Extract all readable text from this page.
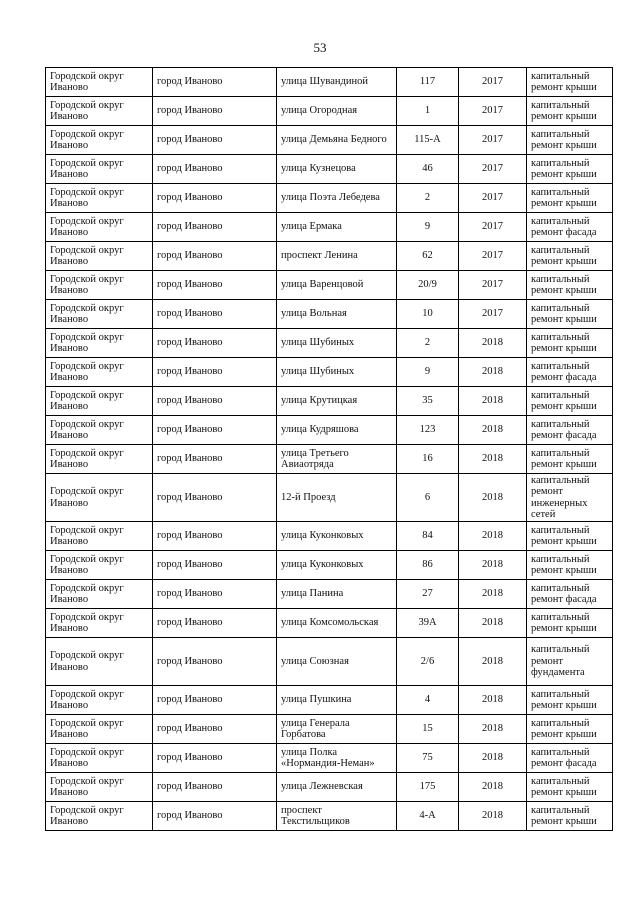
53
Городской округ Иваново	город Иваново	улица Шувандиной	117	2017	капитальный ремонт крыши
Городской округ Иваново	город Иваново	улица Огородная	1	2017	капитальный ремонт крыши
Городской округ Иваново	город Иваново	улица Демьяна Бедного	115-А	2017	капитальный ремонт крыши
Городской округ Иваново	город Иваново	улица Кузнецова	46	2017	капитальный ремонт крыши
Городской округ Иваново	город Иваново	улица Поэта Лебедева	2	2017	капитальный ремонт крыши
Городской округ Иваново	город Иваново	улица Ермака	9	2017	капитальный ремонт фасада
Городской округ Иваново	город Иваново	проспект Ленина	62	2017	капитальный ремонт крыши
Городской округ Иваново	город Иваново	улица Варенцовой	20/9	2017	капитальный ремонт крыши
Городской округ Иваново	город Иваново	улица Вольная	10	2017	капитальный ремонт крыши
Городской округ Иваново	город Иваново	улица Шубиных	2	2018	капитальный ремонт крыши
Городской округ Иваново	город Иваново	улица Шубиных	9	2018	капитальный ремонт фасада
Городской округ Иваново	город Иваново	улица Крутицкая	35	2018	капитальный ремонт крыши
Городской округ Иваново	город Иваново	улица Кудряшова	123	2018	капитальный ремонт фасада
Городской округ Иваново	город Иваново	улица Третьего Авиаотряда	16	2018	капитальный ремонт крыши
Городской округ Иваново	город Иваново	12-й Проезд	6	2018	капитальный ремонт инженерных сетей
Городской округ Иваново	город Иваново	улица Куконковых	84	2018	капитальный ремонт крыши
Городской округ Иваново	город Иваново	улица Куконковых	86	2018	капитальный ремонт крыши
Городской округ Иваново	город Иваново	улица Панина	27	2018	капитальный ремонт фасада
Городской округ Иваново	город Иваново	улица Комсомольская	39А	2018	капитальный ремонт крыши
Городской округ Иваново	город Иваново	улица Союзная	2/6	2018	капитальный ремонт фундамента
Городской округ Иваново	город Иваново	улица Пушкина	4	2018	капитальный ремонт крыши
Городской округ Иваново	город Иваново	улица Генерала Горбатова	15	2018	капитальный ремонт крыши
Городской округ Иваново	город Иваново	улица Полка «Нормандия-Неман»	75	2018	капитальный ремонт фасада
Городской округ Иваново	город Иваново	улица Лежневская	175	2018	капитальный ремонт крыши
Городской округ Иваново	город Иваново	проспект Текстильщиков	4-А	2018	капитальный ремонт крыши
